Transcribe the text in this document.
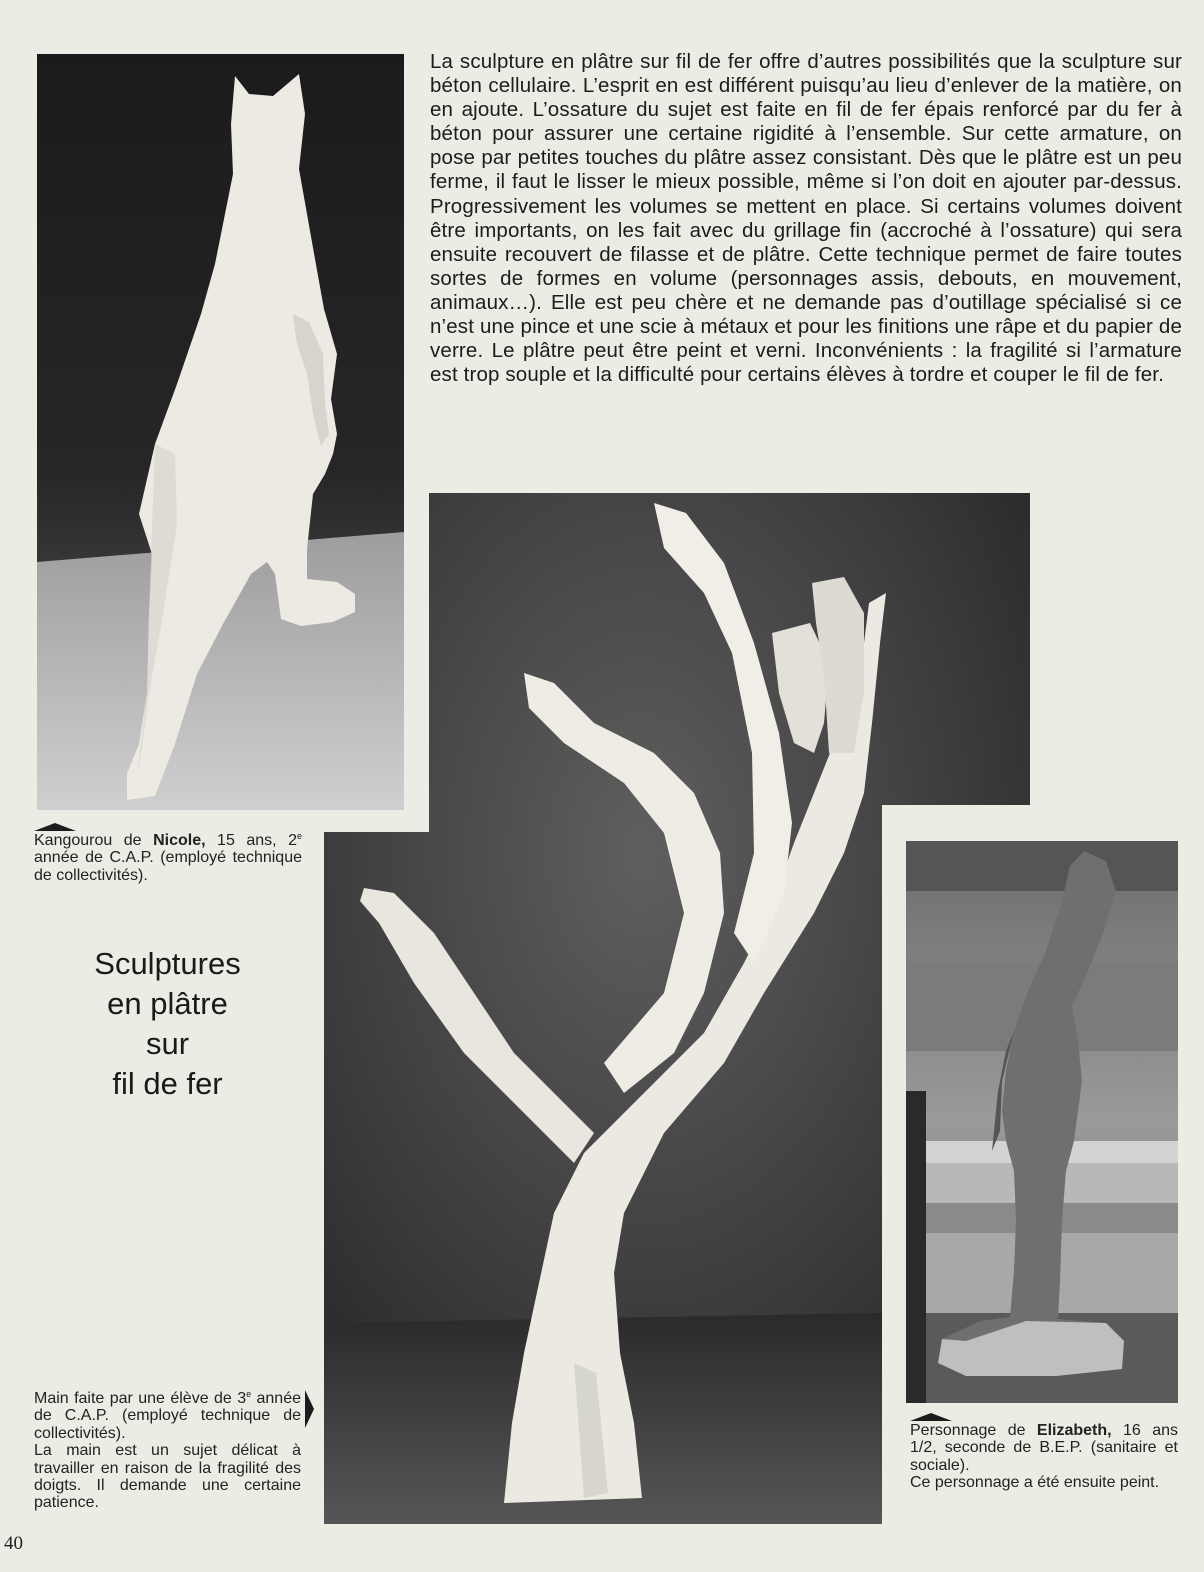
La sculpture en plâtre sur fil de fer offre d’autres possibilités que la sculpture sur béton cellulaire. L’esprit en est différent puisqu’au lieu d’enlever de la matière, on en ajoute. L’ossature du sujet est faite en fil de fer épais renforcé par du fer à béton pour assurer une certaine rigidité à l’ensemble. Sur cette armature, on pose par petites touches du plâtre assez consistant. Dès que le plâtre est un peu ferme, il faut le lisser le mieux possible, même si l’on doit en ajouter par-dessus. Progressivement les volumes se mettent en place. Si certains volumes doivent être importants, on les fait avec du grillage fin (accroché à l’ossature) qui sera ensuite recouvert de filasse et de plâtre. Cette technique permet de faire toutes sortes de formes en volume (personnages assis, debouts, en mouvement, animaux…). Elle est peu chère et ne demande pas d’outillage spécialisé si ce n’est une pince et une scie à métaux et pour les finitions une râpe et du papier de verre. Le plâtre peut être peint et verni. Inconvénients : la fragilité si l’armature est trop souple et la difficulté pour certains élèves à tordre et couper le fil de fer.

Kangourou de Nicole, 15 ans, 2e année de C.A.P. (employé technique de collectivités).

Sculptures
en plâtre
sur
fil de fer

Main faite par une élève de 3e année de C.A.P. (employé technique de collectivités).
La main est un sujet délicat à travailler en raison de la fragilité des doigts. Il demande une certaine patience.

Personnage de Elizabeth, 16 ans 1/2, seconde de B.E.P. (sanitaire et sociale).
Ce personnage a été ensuite peint.

40
